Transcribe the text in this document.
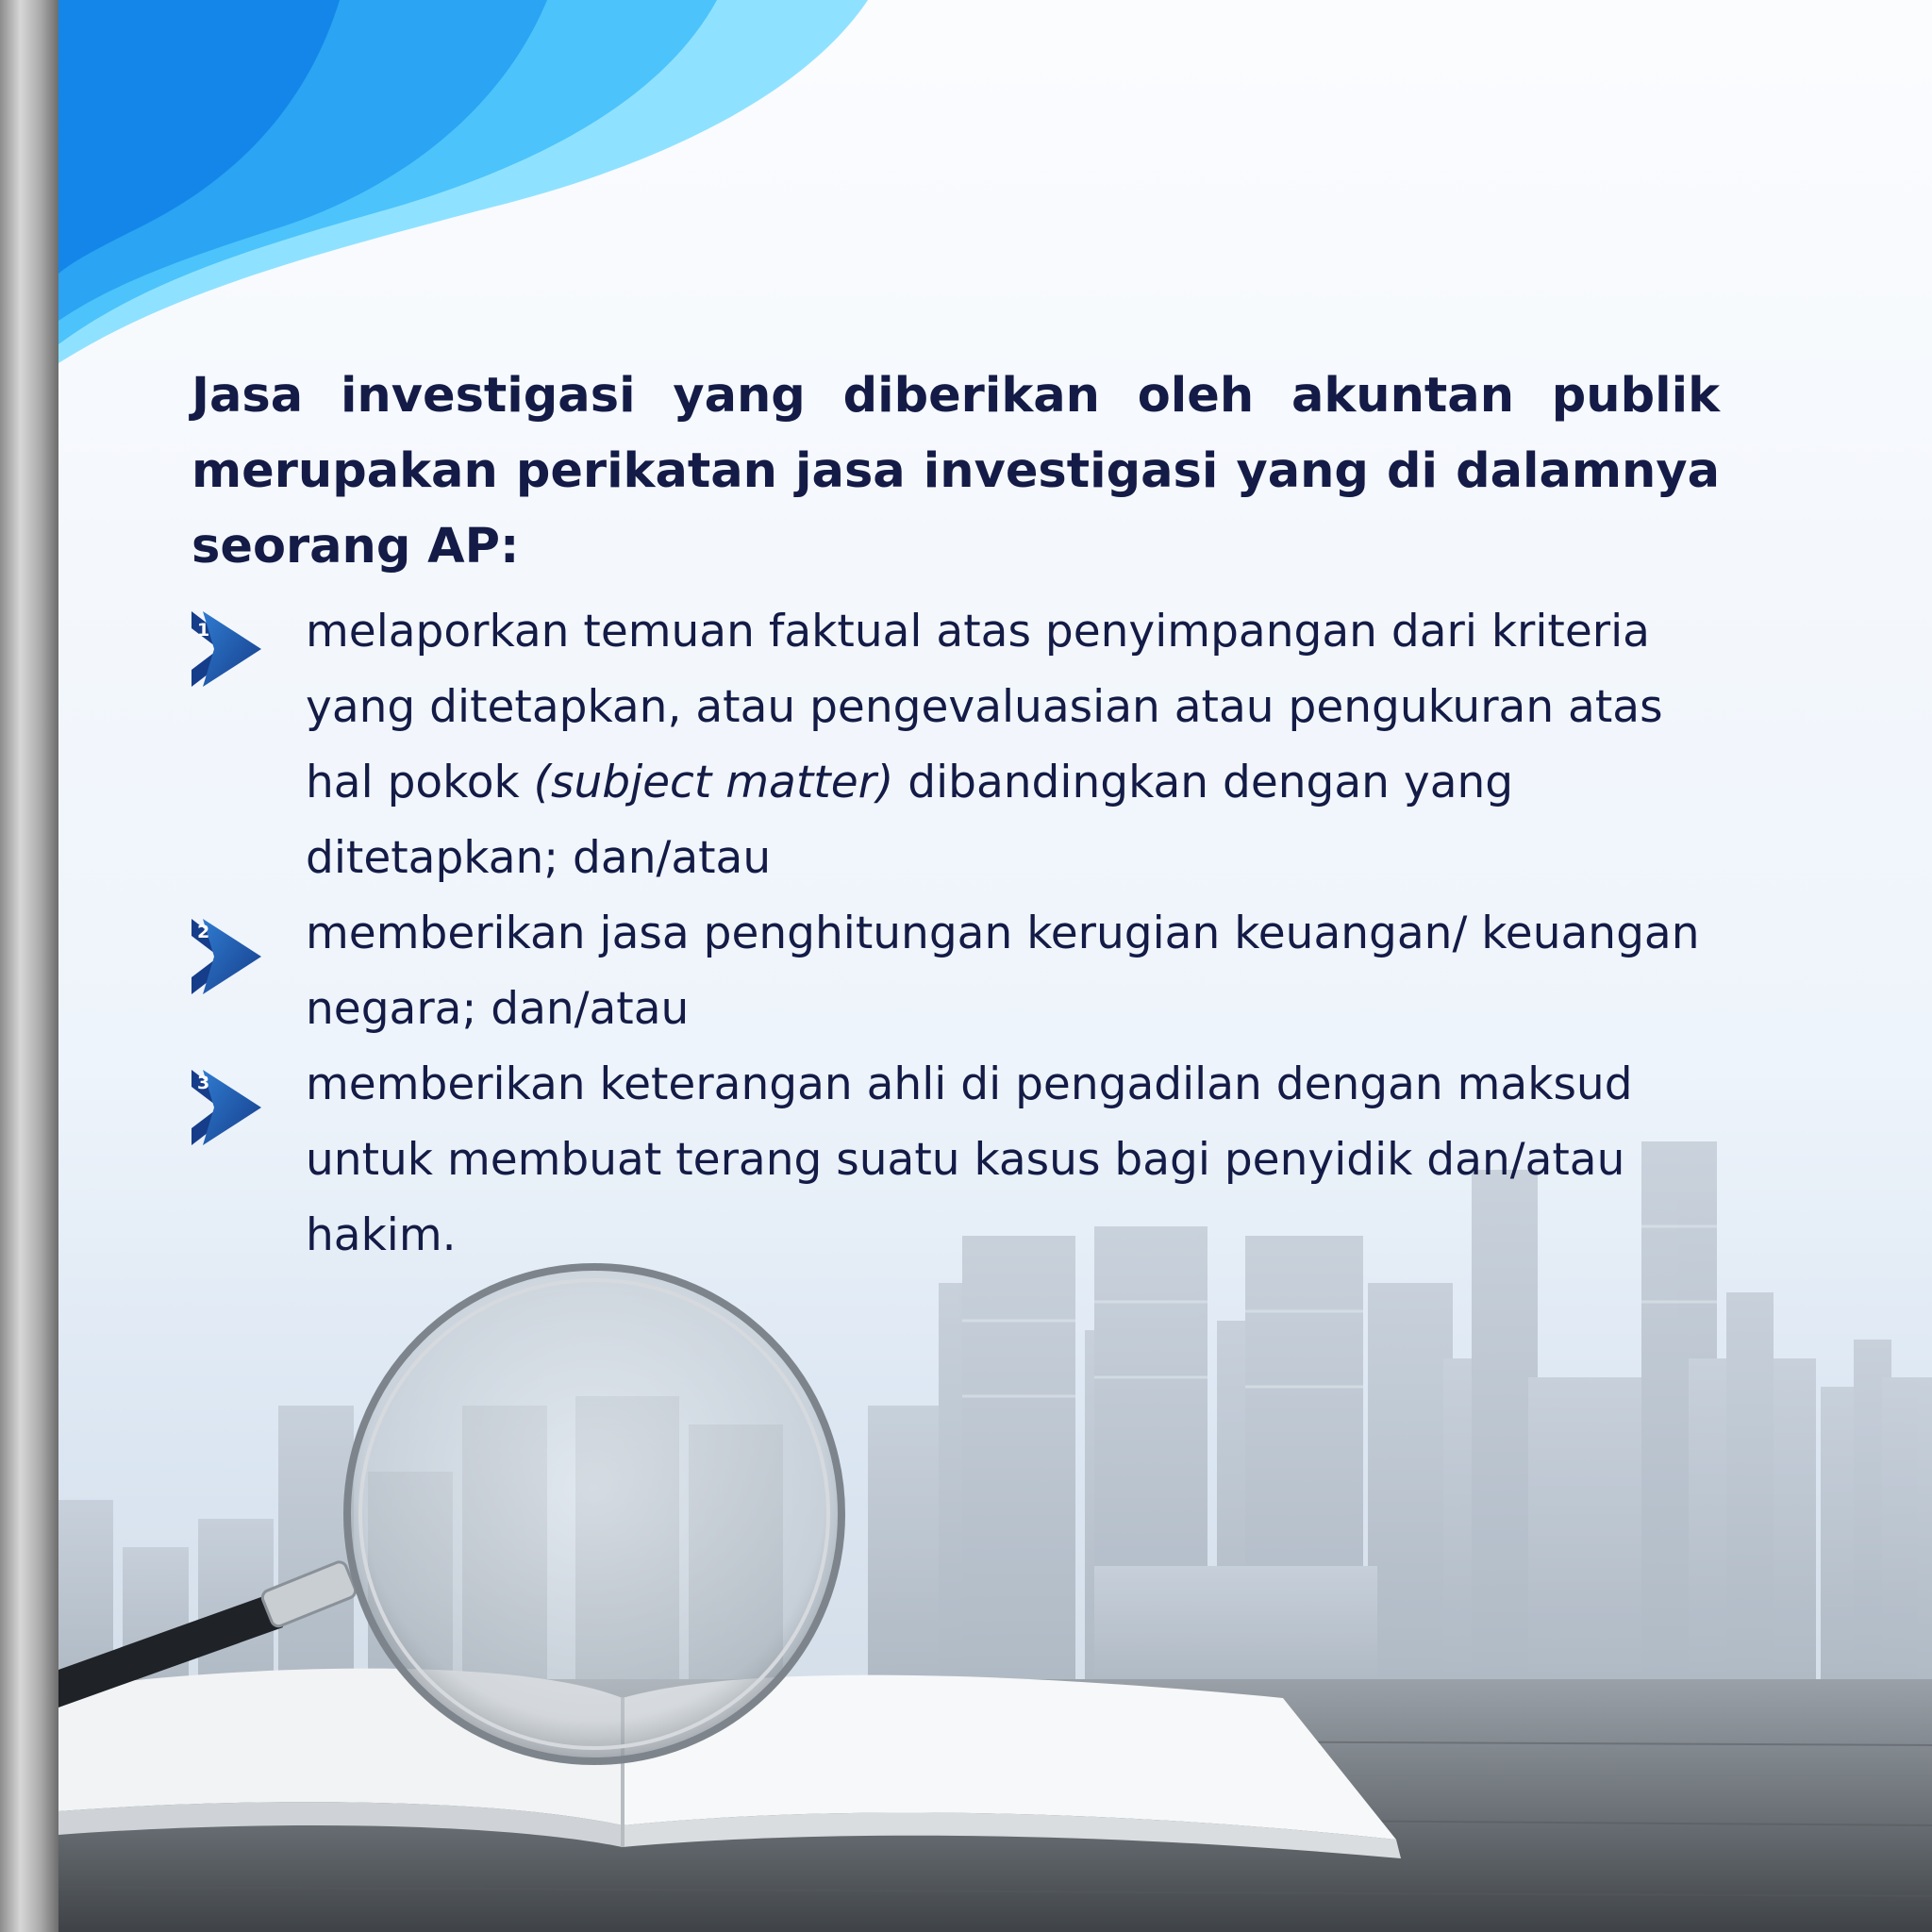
Jasa investigasi yang diberikan oleh akuntan publik merupakan perikatan jasa investigasi yang di dalamnya seorang AP:

1 melaporkan temuan faktual atas penyimpangan dari kriteria yang ditetapkan, atau pengevaluasian atau pengukuran atas hal pokok (subject matter) dibandingkan dengan yang ditetapkan; dan/atau
2 memberikan jasa penghitungan kerugian keuangan/ keuangan negara; dan/atau
3 memberikan keterangan ahli di pengadilan dengan maksud untuk membuat terang suatu kasus bagi penyidik dan/atau hakim.
